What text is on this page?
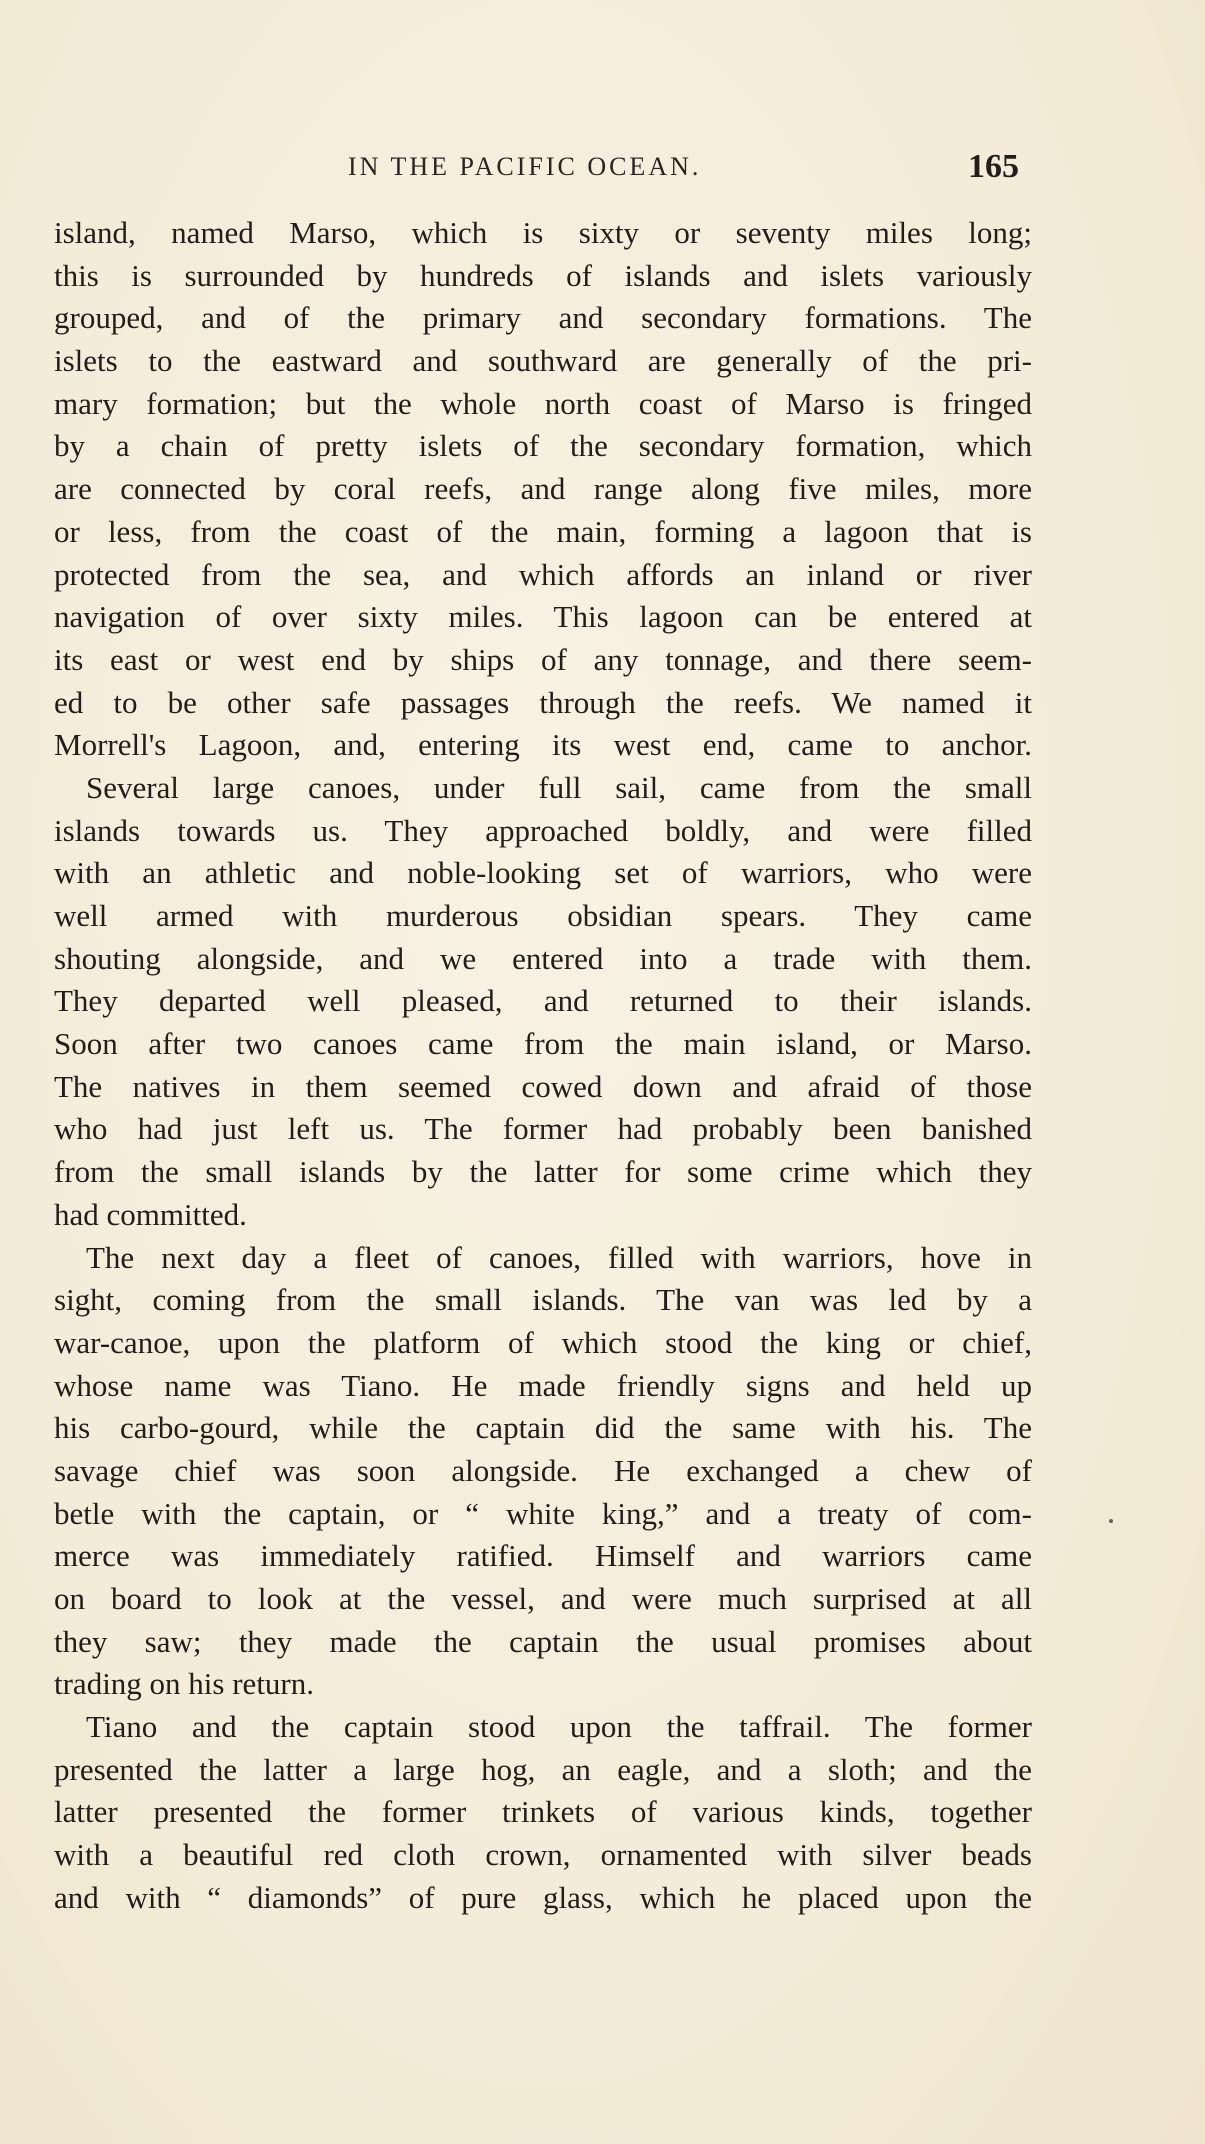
IN THE PACIFIC OCEAN.	165
island, named Marso, which is sixty or seventy miles long;
this is surrounded by hundreds of islands and islets variously
grouped, and of the primary and secondary formations. The
islets to the eastward and southward are generally of the pri-
mary formation; but the whole north coast of Marso is fringed
by a chain of pretty islets of the secondary formation, which
are connected by coral reefs, and range along five miles, more
or less, from the coast of the main, forming a lagoon that is
protected from the sea, and which affords an inland or river
navigation of over sixty miles. This lagoon can be entered at
its east or west end by ships of any tonnage, and there seem-
ed to be other safe passages through the reefs. We named it
Morrell's Lagoon, and, entering its west end, came to anchor.
Several large canoes, under full sail, came from the small
islands towards us. They approached boldly, and were filled
with an athletic and noble-looking set of warriors, who were
well armed with murderous obsidian spears. They came
shouting alongside, and we entered into a trade with them.
They departed well pleased, and returned to their islands.
Soon after two canoes came from the main island, or Marso.
The natives in them seemed cowed down and afraid of those
who had just left us. The former had probably been banished
from the small islands by the latter for some crime which they
had committed.
The next day a fleet of canoes, filled with warriors, hove in
sight, coming from the small islands. The van was led by a
war-canoe, upon the platform of which stood the king or chief,
whose name was Tiano. He made friendly signs and held up
his carbo-gourd, while the captain did the same with his. The
savage chief was soon alongside. He exchanged a chew of
betle with the captain, or “ white king,” and a treaty of com-
merce was immediately ratified. Himself and warriors came
on board to look at the vessel, and were much surprised at all
they saw; they made the captain the usual promises about
trading on his return.
Tiano and the captain stood upon the taffrail. The former
presented the latter a large hog, an eagle, and a sloth; and the
latter presented the former trinkets of various kinds, together
with a beautiful red cloth crown, ornamented with silver beads
and with “ diamonds” of pure glass, which he placed upon the
